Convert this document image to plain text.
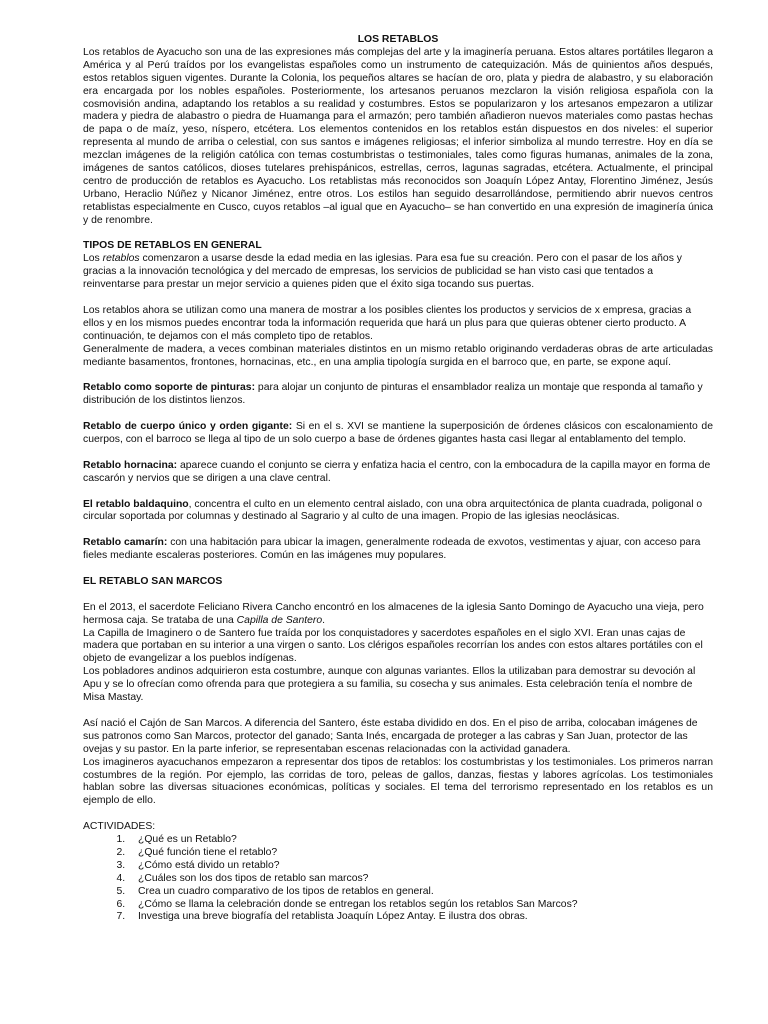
LOS RETABLOS

Los retablos de Ayacucho son una de las expresiones más complejas del arte y la imaginería peruana. Estos altares portátiles llegaron a América y al Perú traídos por los evangelistas españoles como un instrumento de catequización. Más de quinientos años después, estos retablos siguen vigentes. Durante la Colonia, los pequeños altares se hacían de oro, plata y piedra de alabastro, y su elaboración era encargada por los nobles españoles. Posteriormente, los artesanos peruanos mezclaron la visión religiosa española con la cosmovisión andina, adaptando los retablos a su realidad y costumbres. Estos se popularizaron y los artesanos empezaron a utilizar madera y piedra de alabastro o piedra de Huamanga para el armazón; pero también añadieron nuevos materiales como pastas hechas de papa o de maíz, yeso, níspero, etcétera. Los elementos contenidos en los retablos están dispuestos en dos niveles: el superior representa al mundo de arriba o celestial, con sus santos e imágenes religiosas; el inferior simboliza al mundo terrestre. Hoy en día se mezclan imágenes de la religión católica con temas costumbristas o testimoniales, tales como figuras humanas, animales de la zona, imágenes de santos católicos, dioses tutelares prehispánicos, estrellas, cerros, lagunas sagradas, etcétera. Actualmente, el principal centro de producción de retablos es Ayacucho. Los retablistas más reconocidos son Joaquín López Antay, Florentino Jiménez, Jesús Urbano, Heraclio Núñez y Nicanor Jiménez, entre otros. Los estilos han seguido desarrollándose, permitiendo abrir nuevos centros retablistas especialmente en Cusco, cuyos retablos –al igual que en Ayacucho– se han convertido en una expresión de imaginería única y de renombre.

TIPOS DE RETABLOS EN GENERAL

Los retablos comenzaron a usarse desde la edad media en las iglesias. Para esa fue su creación. Pero con el pasar de los años y gracias a la innovación tecnológica y del mercado de empresas, los servicios de publicidad se han visto casi que tentados a reinventarse para prestar un mejor servicio a quienes piden que el éxito siga tocando sus puertas.

Los retablos ahora se utilizan como una manera de mostrar a los posibles clientes los productos y servicios de x empresa, gracias a ellos y en los mismos puedes encontrar toda la información requerida que hará un plus para que quieras obtener cierto producto. A continuación, te dejamos con el más completo tipo de retablos.

Generalmente de madera, a veces combinan materiales distintos en un mismo retablo originando verdaderas obras de arte articuladas mediante basamentos, frontones, hornacinas, etc., en una amplia tipología surgida en el barroco que, en parte, se expone aquí.

Retablo como soporte de pinturas: para alojar un conjunto de pinturas el ensamblador realiza un montaje que responda al tamaño y distribución de los distintos lienzos.

Retablo de cuerpo único y orden gigante: Si en el s. XVI se mantiene la superposición de órdenes clásicos con escalonamiento de cuerpos, con el barroco se llega al tipo de un solo cuerpo a base de órdenes gigantes hasta casi llegar al entablamento del templo.

Retablo hornacina: aparece cuando el conjunto se cierra y enfatiza hacia el centro, con la embocadura de la capilla mayor en forma de cascarón y nervios que se dirigen a una clave central.

El retablo baldaquino, concentra el culto en un elemento central aislado, con una obra arquitectónica de planta cuadrada, poligonal o circular soportada por columnas y destinado al Sagrario y al culto de una imagen. Propio de las iglesias neoclásicas.

Retablo camarín: con una habitación para ubicar la imagen, generalmente rodeada de exvotos, vestimentas y ajuar, con acceso para fieles mediante escaleras posteriores. Común en las imágenes muy populares.

EL RETABLO SAN MARCOS

En el 2013, el sacerdote Feliciano Rivera Cancho encontró en los almacenes de la iglesia Santo Domingo de Ayacucho una vieja, pero hermosa caja. Se trataba de una Capilla de Santero.

La Capilla de Imaginero o de Santero fue traída por los conquistadores y sacerdotes españoles en el siglo XVI. Eran unas cajas de madera que portaban en su interior a una virgen o santo. Los clérigos españoles recorrían los andes con estos altares portátiles con el objeto de evangelizar a los pueblos indígenas.

Los pobladores andinos adquirieron esta costumbre, aunque con algunas variantes. Ellos la utilizaban para demostrar su devoción al Apu y se lo ofrecían como ofrenda para que protegiera a su familia, su cosecha y sus animales. Esta celebración tenía el nombre de Misa Mastay.

Así nació el Cajón de San Marcos. A diferencia del Santero, éste estaba dividido en dos. En el piso de arriba, colocaban imágenes de sus patronos como San Marcos, protector del ganado; Santa Inés, encargada de proteger a las cabras y San Juan, protector de las ovejas y su pastor. En la parte inferior, se representaban escenas relacionadas con la actividad ganadera.

Los imagineros ayacuchanos empezaron a representar dos tipos de retablos: los costumbristas y los testimoniales. Los primeros narran costumbres de la región. Por ejemplo, las corridas de toro, peleas de gallos, danzas, fiestas y labores agrícolas. Los testimoniales hablan sobre las diversas situaciones económicas, políticas y sociales. El tema del terrorismo representado en los retablos es un ejemplo de ello.

ACTIVIDADES:

1. ¿Qué es un Retablo?
2. ¿Qué función tiene el retablo?
3. ¿Cómo está divido un retablo?
4. ¿Cuáles son los dos tipos de retablo san marcos?
5. Crea un cuadro comparativo de los tipos de retablos en general.
6. ¿Cómo se llama la celebración donde se entregan los retablos según los retablos San Marcos?
7. Investiga una breve biografía del retablista Joaquín López Antay. E ilustra dos obras.
